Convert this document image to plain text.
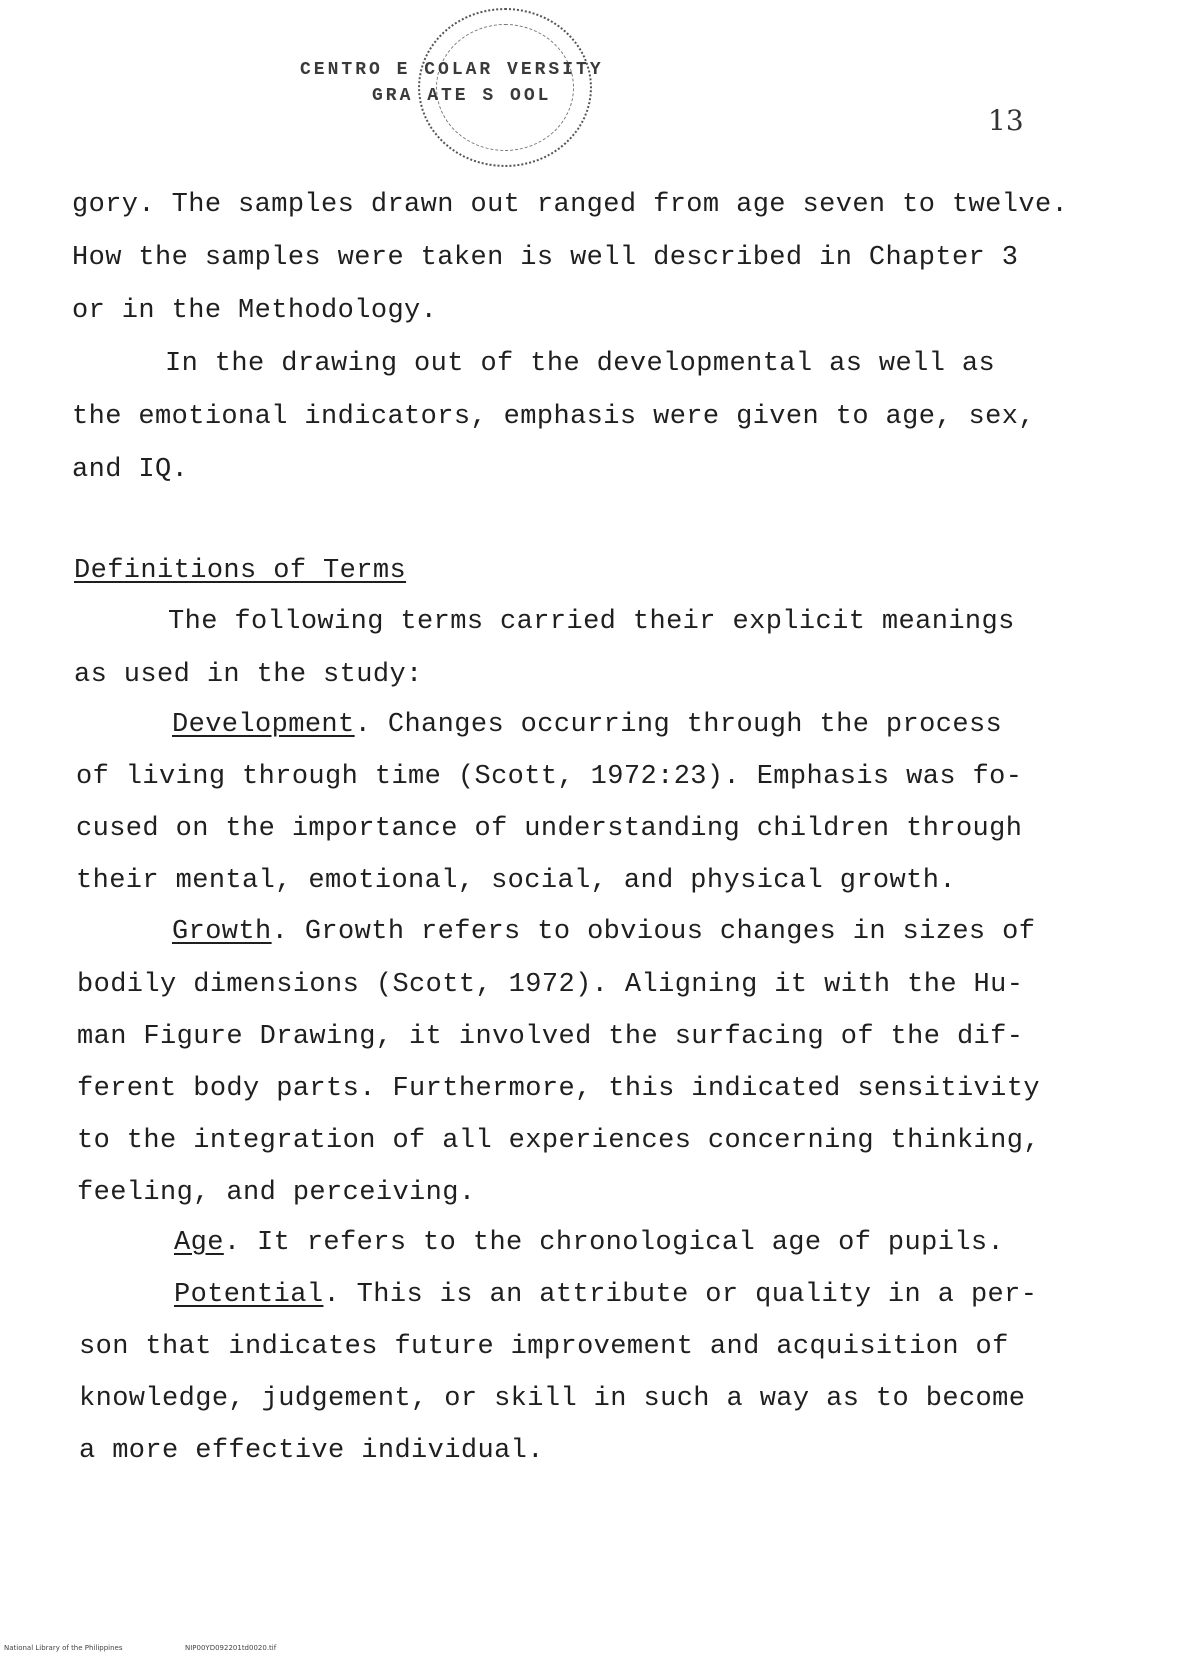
CENTRO E COLAR VERSITY
GRA ATE S OOL
13
gory. The samples drawn out ranged from age seven to twelve.
How the samples were taken is well described in Chapter 3
or in the Methodology.
In the drawing out of the developmental as well as
the emotional indicators, emphasis were given to age, sex,
and IQ.
Definitions of Terms
The following terms carried their explicit meanings
as used in the study:
Development. Changes occurring through the process
of living through time (Scott, 1972:23). Emphasis was fo-
cused on the importance of understanding children through
their mental, emotional, social, and physical growth.
Growth. Growth refers to obvious changes in sizes of
bodily dimensions (Scott, 1972). Aligning it with the Hu-
man Figure Drawing, it involved the surfacing of the dif-
ferent body parts. Furthermore, this indicated sensitivity
to the integration of all experiences concerning thinking,
feeling, and perceiving.
Age. It refers to the chronological age of pupils.
Potential. This is an attribute or quality in a per-
son that indicates future improvement and acquisition of
knowledge, judgement, or skill in such a way as to become
a more effective individual.
National Library of the Philippines	NIP00YD092201td0020.tif
